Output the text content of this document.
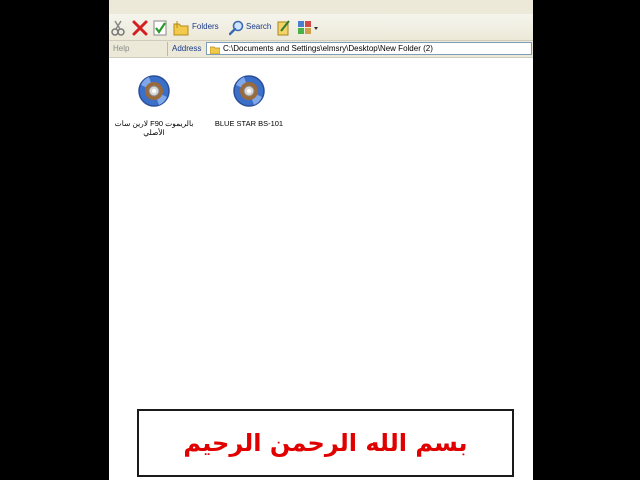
Folders	Search
Help	Address	C:\Documents and Settings\elmsry\Desktop\New Folder (2)
بالريموت F90 لارين سات الأصلي
BLUE STAR BS-101
بسم الله الرحمن الرحيم
